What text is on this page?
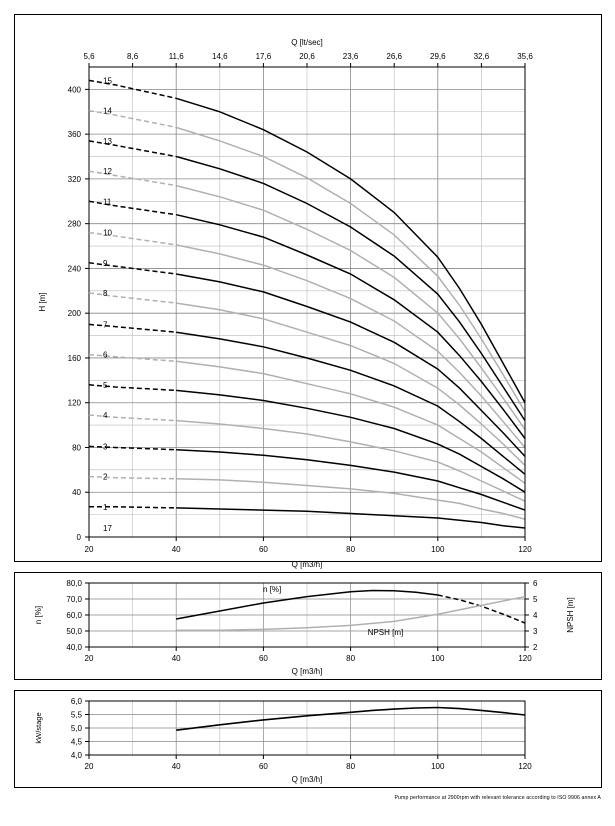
20	40	60	80	100	120
Q [m3/h]
0
40
80
120
160
200
240
280
320
360
400
H [m]
5,6	8,6	11,6	14,6	17,6	20,6	23,6	26,6	29,6	32,6	35,6
Q [lt/sec]
15
14
13
12
11
10
9
8
7
6
5
4
3
2
1
17
20	40	60	80	100	120
Q [m3/h]
40,0
50,0
60,0
70,0
80,0
n [%]
2
3
4
5
6
NPSH [m]
n [%]
NPSH [m]
20	40	60	80	100	120
Q [m3/h]
4,0
4,5
5,0
5,5
6,0
kW/stage
Pump performance at 2900rpm with relevant tolerance according to ISO 9906 annex A
